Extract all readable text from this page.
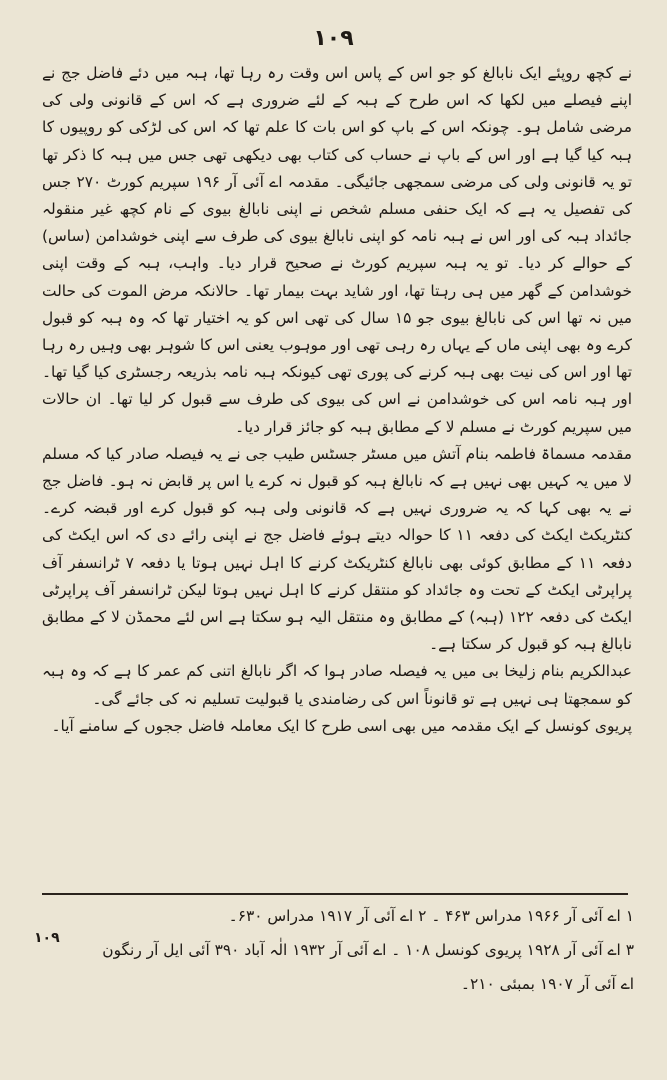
۱۰۹

نے کچھ روپئے ایک نابالغ کو جو اس کے پاس اس وقت رہ رہا تھا، ہبہ میں دئے فاضل جج نے اپنے فیصلے میں لکھا کہ اس طرح کے ہبہ کے لئے ضروری ہے کہ اس کے قانونی ولی کی مرضی شامل ہو۔ چونکہ اس کے باپ کو اس بات کا علم تھا کہ اس کی لڑکی کو روپیوں کا ہبہ کیا گیا ہے اور اس کے باپ نے حساب کی کتاب بھی دیکھی تھی جس میں ہبہ کا ذکر تھا تو یہ قانونی ولی کی مرضی سمجھی جائیگی۔ مقدمہ اے آئی آر ۱۹۶ سپریم کورٹ ۲۷۰ جس کی تفصیل یہ ہے کہ ایک حنفی مسلم شخص نے اپنی نابالغ بیوی کے نام کچھ غیر منقولہ جائداد ہبہ کی اور اس نے ہبہ نامہ کو اپنی نابالغ بیوی کی طرف سے اپنی خوشدامن (ساس) کے حوالے کر دیا۔ تو یہ ہبہ سپریم کورٹ نے صحیح قرار دیا۔ واہب، ہبہ کے وقت اپنی خوشدامن کے گھر میں ہی رہتا تھا، اور شاید بہت بیمار تھا۔ حالانکہ مرض الموت کی حالت میں نہ تھا اس کی نابالغ بیوی جو ۱۵ سال کی تھی اس کو یہ اختیار تھا کہ وہ ہبہ کو قبول کرے وہ بھی اپنی ماں کے یہاں رہ رہی تھی اور موہوب یعنی اس کا شوہر بھی وہیں رہ رہا تھا اور اس کی نیت بھی ہبہ کرنے کی پوری تھی کیونکہ ہبہ نامہ بذریعہ رجسٹری کیا گیا تھا۔ اور ہبہ نامہ اس کی خوشدامن نے اس کی بیوی کی طرف سے قبول کر لیا تھا۔ ان حالات میں سپریم کورٹ نے مسلم لا کے مطابق ہبہ کو جائز قرار دیا۔

مقدمہ مسماۃ فاطمہ بنام آتش میں مسٹر جسٹس طیب جی نے یہ فیصلہ صادر کیا کہ مسلم لا میں یہ کہیں بھی نہیں ہے کہ نابالغ ہبہ کو قبول نہ کرے یا اس پر قابض نہ ہو۔ فاضل جج نے یہ بھی کہا کہ یہ ضروری نہیں ہے کہ قانونی ولی ہبہ کو قبول کرے اور قبضہ کرے۔ کنٹریکٹ ایکٹ کی دفعہ ۱۱ کا حوالہ دیتے ہوئے فاضل جج نے اپنی رائے دی کہ اس ایکٹ کی دفعہ ۱۱ کے مطابق کوئی بھی نابالغ کنٹریکٹ کرنے کا اہل نہیں ہوتا یا دفعہ ۷ ٹرانسفر آف پراپرٹی ایکٹ کے تحت وہ جائداد کو منتقل کرنے کا اہل نہیں ہوتا لیکن ٹرانسفر آف پراپرٹی ایکٹ کی دفعہ ۱۲۲ (ہبہ) کے مطابق وہ منتقل الیہ ہو سکتا ہے اس لئے محمڈن لا کے مطابق نابالغ ہبہ کو قبول کر سکتا ہے۔

عبدالکریم بنام زلیخا بی میں یہ فیصلہ صادر ہوا کہ اگر نابالغ اتنی کم عمر کا ہے کہ وہ ہبہ کو سمجھتا ہی نہیں ہے تو قانوناً اس کی رضامندی یا قبولیت تسلیم نہ کی جائے گی۔

پریوی کونسل کے ایک مقدمہ میں بھی اسی طرح کا ایک معاملہ فاضل ججوں کے سامنے آیا۔

۱ اے آئی آر ۱۹۶۶ مدراس ۴۶۳ ۔ ۲ اے آئی آر ۱۹۱۷ مدراس ۶۳۰۔

۳ اے آئی آر ۱۹۲۸ پریوی کونسل ۱۰۸ ۔ اے آئی آر ۱۹۳۲ الٰہ آباد ۳۹۰ آئی ایل آر رنگون

اے آئی آر ۱۹۰۷ بمبئی ۲۱۰۔

۱۰۹
